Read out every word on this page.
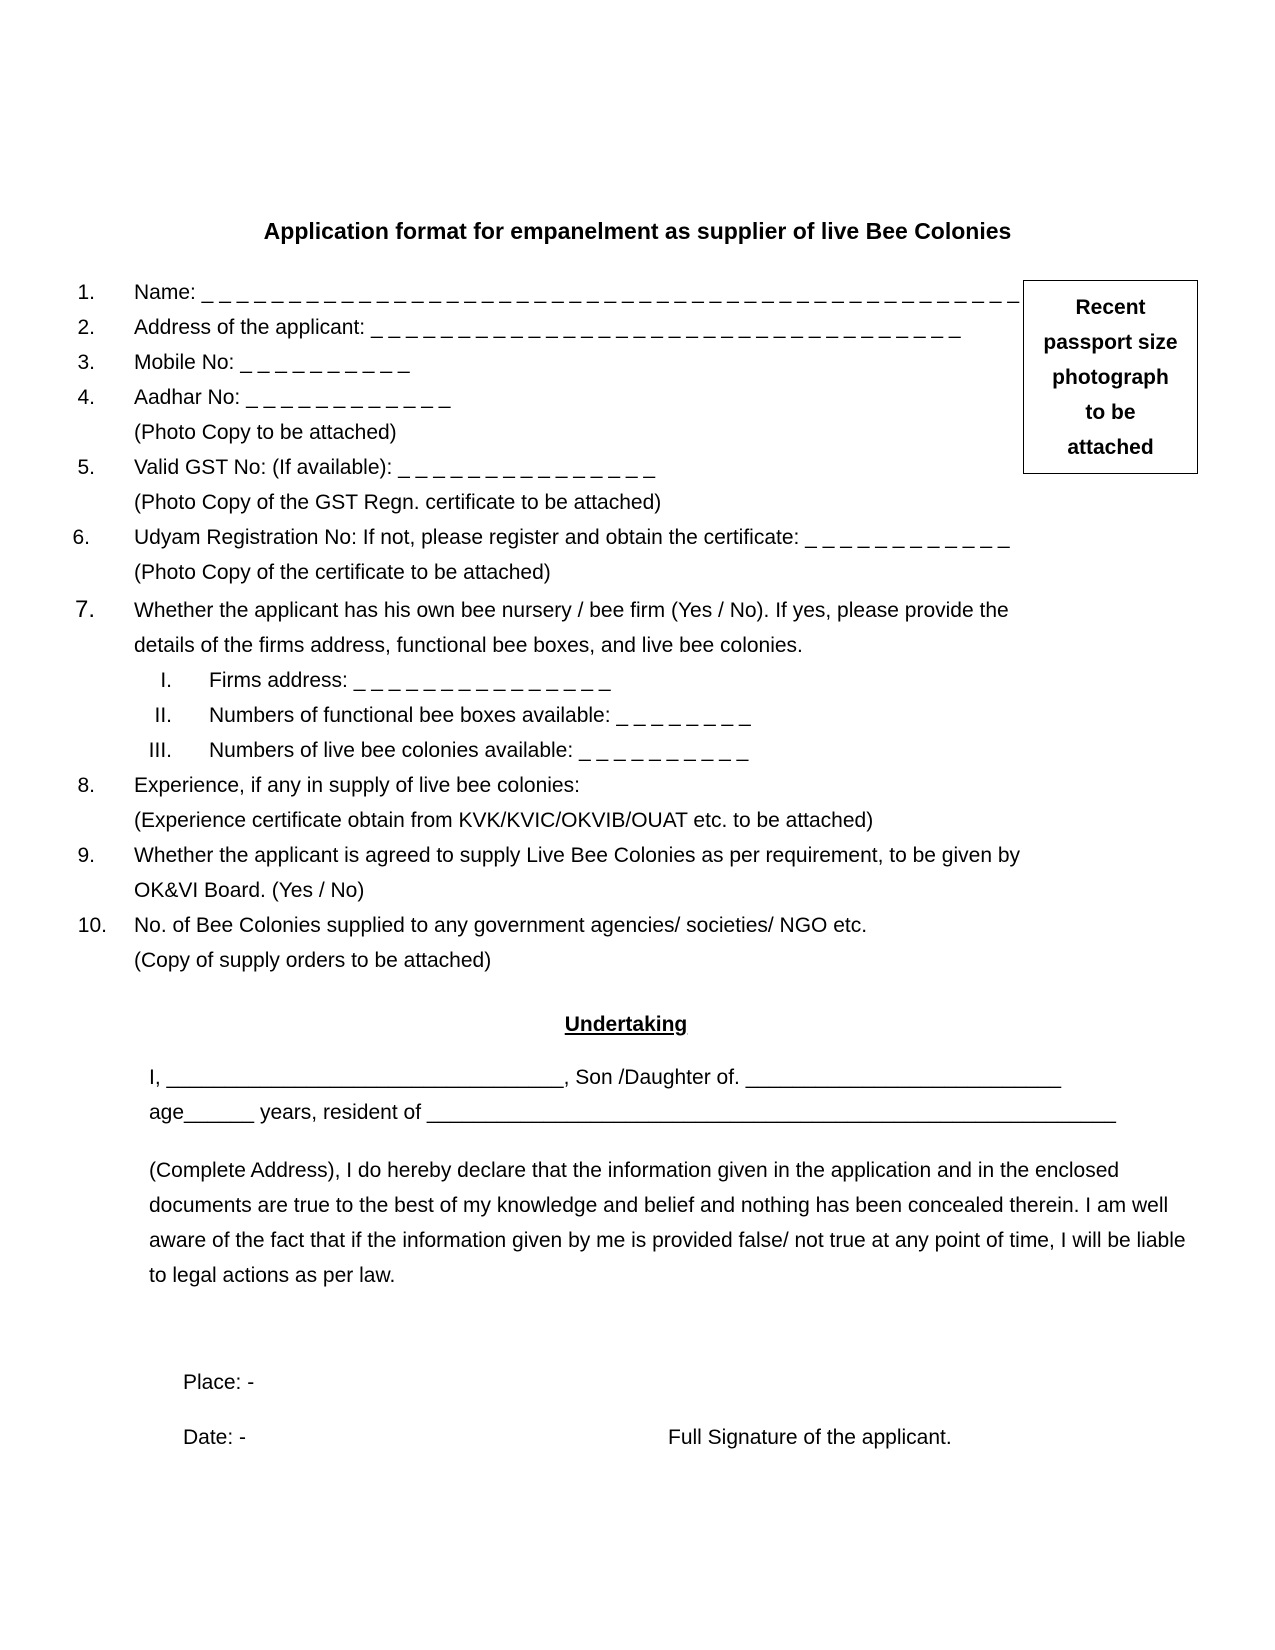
Application format for empanelment as supplier of live Bee Colonies
1. Name: _ _ _ _ _ _ _ _ _ _ _ _ _ _ _ _ _ _ _ _ _ _ _ _ _ _ _ _ _ _ _ _ _ _ _ _ _ _ _ _ _ _ _ _ _ _ _
2. Address of the applicant: _ _ _ _ _ _ _ _ _ _ _ _ _ _ _ _ _ _ _ _ _ _ _ _ _ _ _ _ _ _ _ _ _ _
3. Mobile No: _ _ _ _ _ _ _ _ _ _
4. Aadhar No: _ _ _ _ _ _ _ _ _ _ _ _
(Photo Copy to be attached)
5. Valid GST No: (If available): _ _ _ _ _ _ _ _ _ _ _ _ _ _ _
(Photo Copy of the GST Regn. certificate to be attached)
6. Udyam Registration No: If not, please register and obtain the certificate: _ _ _ _ _ _ _ _ _ _ _ _
(Photo Copy of the certificate to be attached)
7. Whether the applicant has his own bee nursery / bee firm (Yes / No). If yes, please provide the
details of the firms address, functional bee boxes, and live bee colonies.
I. Firms address: _ _ _ _ _ _ _ _ _ _ _ _ _ _ _
II. Numbers of functional bee boxes available: _ _ _ _ _ _ _ _
III. Numbers of live bee colonies available: _ _ _ _ _ _ _ _ _ _
8. Experience, if any in supply of live bee colonies:
(Experience certificate obtain from KVK/KVIC/OKVIB/OUAT etc. to be attached)
9. Whether the applicant is agreed to supply Live Bee Colonies as per requirement, to be given by
OK&VI Board. (Yes / No)
10. No. of Bee Colonies supplied to any government agencies/ societies/ NGO etc.
(Copy of supply orders to be attached)
Recent
passport size
photograph
to be
attached
Undertaking
I, __________________________________, Son /Daughter of. ___________________________
age______ years, resident of ___________________________________________________________
(Complete Address), I do hereby declare that the information given in the application and in the enclosed documents are true to the best of my knowledge and belief and nothing has been concealed therein. I am well aware of the fact that if the information given by me is provided false/ not true at any point of time, I will be liable to legal actions as per law.
Place: -
Date: -	Full Signature of the applicant.
